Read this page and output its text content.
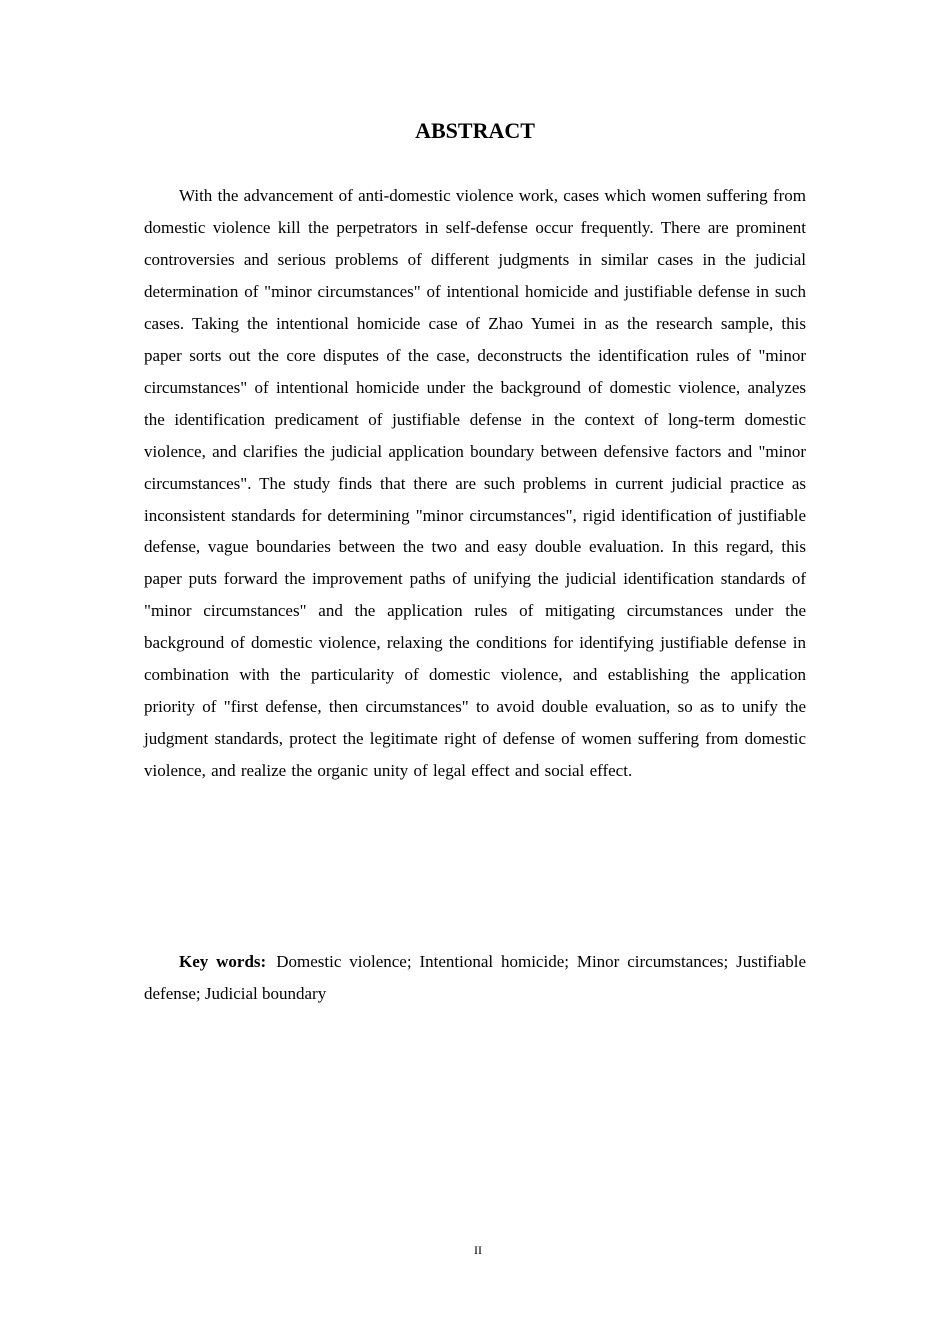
ABSTRACT

With the advancement of anti-domestic violence work, cases which women suffering from domestic violence kill the perpetrators in self-defense occur frequently. There are prominent controversies and serious problems of different judgments in similar cases in the judicial determination of "minor circumstances" of intentional homicide and justifiable defense in such cases. Taking the intentional homicide case of Zhao Yumei in as the research sample, this paper sorts out the core disputes of the case, deconstructs the identification rules of "minor circumstances" of intentional homicide under the background of domestic violence, analyzes the identification predicament of justifiable defense in the context of long-term domestic violence, and clarifies the judicial application boundary between defensive factors and "minor circumstances". The study finds that there are such problems in current judicial practice as inconsistent standards for determining "minor circumstances", rigid identification of justifiable defense, vague boundaries between the two and easy double evaluation. In this regard, this paper puts forward the improvement paths of unifying the judicial identification standards of "minor circumstances" and the application rules of mitigating circumstances under the background of domestic violence, relaxing the conditions for identifying justifiable defense in combination with the particularity of domestic violence, and establishing the application priority of "first defense, then circumstances" to avoid double evaluation, so as to unify the judgment standards, protect the legitimate right of defense of women suffering from domestic violence, and realize the organic unity of legal effect and social effect.

Key words: Domestic violence; Intentional homicide; Minor circumstances; Justifiable defense; Judicial boundary

II
